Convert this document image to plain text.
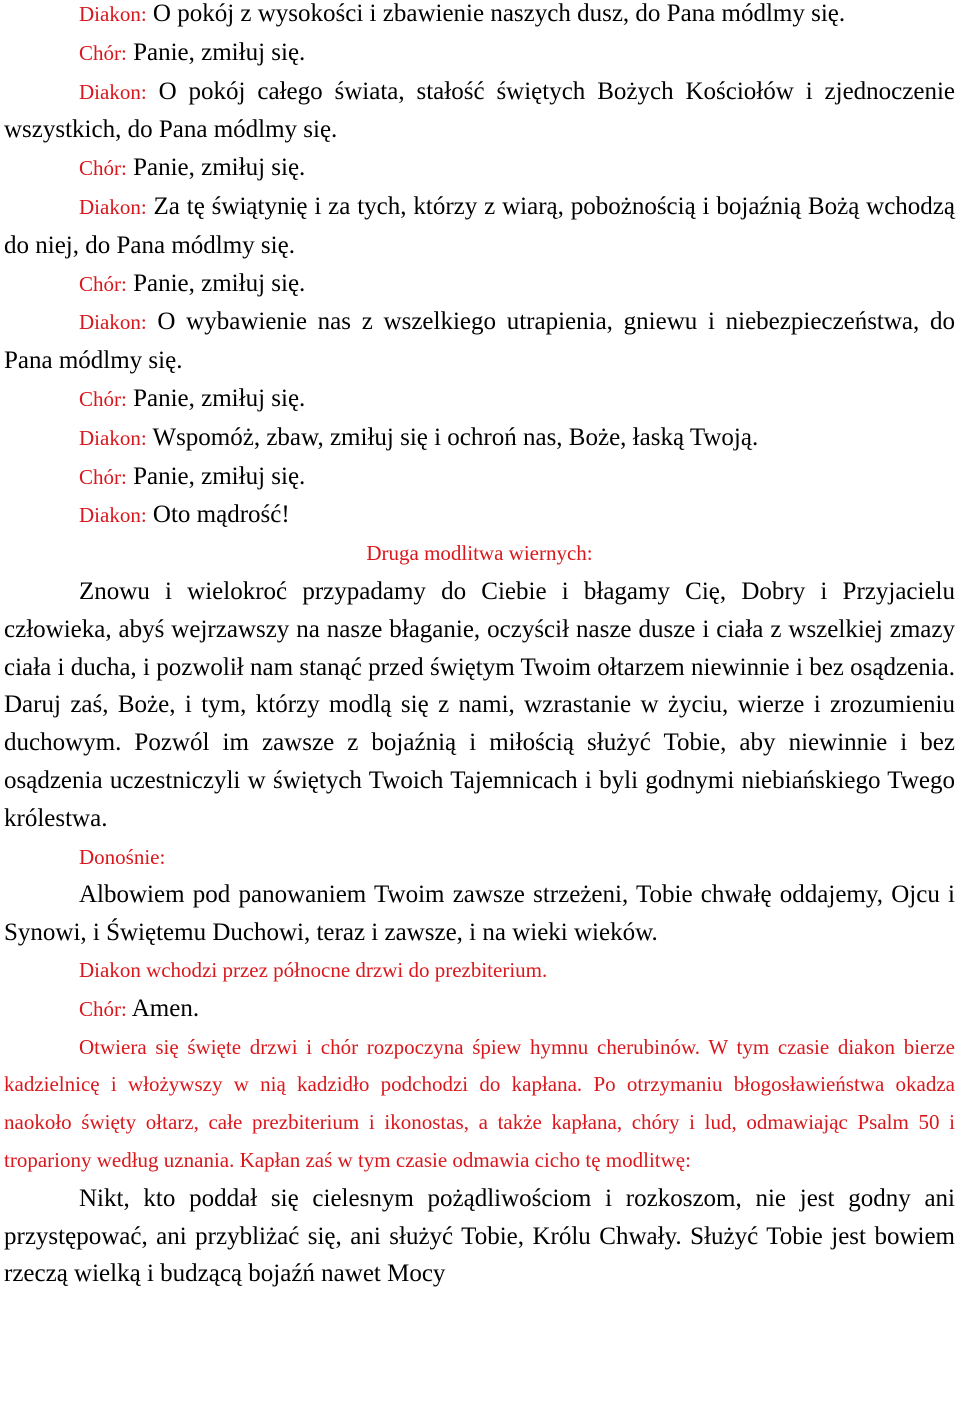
Diakon: O pokój z wysokości i zbawienie naszych dusz, do Pana módlmy się.

Chór: Panie, zmiłuj się.

Diakon: O pokój całego świata, stałość świętych Bożych Kościołów i zjednoczenie wszystkich, do Pana módlmy się.

Chór: Panie, zmiłuj się.

Diakon: Za tę świątynię i za tych, którzy z wiarą, pobożnością i bojaźnią Bożą wchodzą do niej, do Pana módlmy się.

Chór: Panie, zmiłuj się.

Diakon: O wybawienie nas z wszelkiego utrapienia, gniewu i niebezpieczeństwa, do Pana módlmy się.

Chór: Panie, zmiłuj się.

Diakon: Wspomóż, zbaw, zmiłuj się i ochroń nas, Boże, łaską Twoją.

Chór: Panie, zmiłuj się.

Diakon: Oto mądrość!

Druga modlitwa wiernych:

Znowu i wielokroć przypadamy do Ciebie i błagamy Cię, Dobry i Przyjacielu człowieka, abyś wejrzawszy na nasze błaganie, oczyścił nasze dusze i ciała z wszelkiej zmazy ciała i ducha, i pozwolił nam stanąć przed świętym Twoim ołtarzem niewinnie i bez osądzenia. Daruj zaś, Boże, i tym, którzy modlą się z nami, wzrastanie w życiu, wierze i zrozumieniu duchowym. Pozwól im zawsze z bojaźnią i miłością służyć Tobie, aby niewinnie i bez osądzenia uczestniczyli w świętych Twoich Tajemnicach i byli godnymi niebiańskiego Twego królestwa.

Donośnie:

Albowiem pod panowaniem Twoim zawsze strzeżeni, Tobie chwałę oddajemy, Ojcu i Synowi, i Świętemu Duchowi, teraz i zawsze, i na wieki wieków.

Diakon wchodzi przez północne drzwi do prezbiterium.

Chór: Amen.

Otwiera się święte drzwi i chór rozpoczyna śpiew hymnu cherubinów. W tym czasie diakon bierze kadzielnicę i włożywszy w nią kadzidło podchodzi do kapłana. Po otrzymaniu błogosławieństwa okadza naokoło święty ołtarz, całe prezbiterium i ikonostas, a także kapłana, chóry i lud, odmawiając Psalm 50 i tropariony według uznania. Kapłan zaś w tym czasie odmawia cicho tę modlitwę:

Nikt, kto poddał się cielesnym pożądliwościom i rozkoszom, nie jest godny ani przystępować, ani przybliżać się, ani służyć Tobie, Królu Chwały. Służyć Tobie jest bowiem rzeczą wielką i budzącą bojaźń nawet Mocy
